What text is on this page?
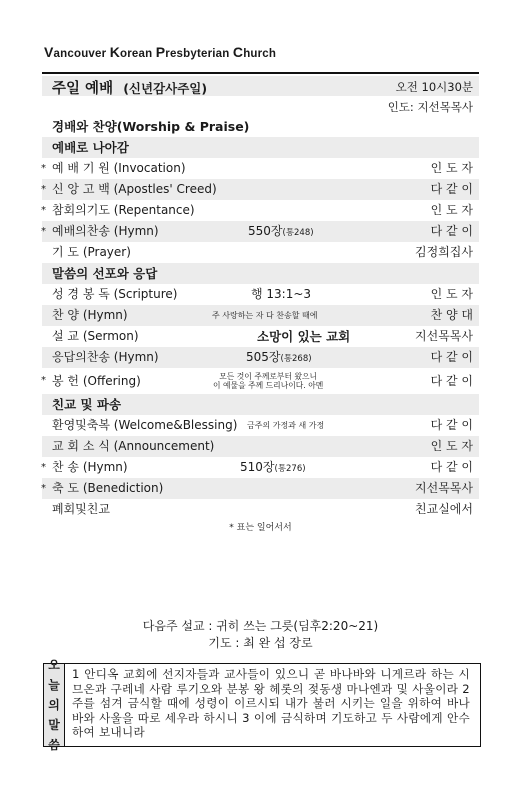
Vancouver Korean Presbyterian Church
주일 예배 (신년감사주일)	오전 10시30분
인도: 지선목목사
경배와 찬양(Worship & Praise)
예배로 나아감
* 예 배 기 원 (Invocation)	인 도 자
* 신 앙 고 백 (Apostles' Creed)	다 같 이
* 참회의기도 (Repentance)	인 도 자
* 예배의찬송 (Hymn)	550장(통248)	다 같 이
기 도 (Prayer)	김정희집사
말씀의 선포와 응답
성 경 봉 독 (Scripture)	행 13:1~3	인 도 자
찬 양 (Hymn)	주 사랑하는 자 다 찬송할 때에	찬 양 대
설 교 (Sermon)	소망이 있는 교회	지선목목사
응답의찬송 (Hymn)	505장(통268)	다 같 이
* 봉 헌 (Offering)	모든 것이 주께로부터 왔으니
이 예물을 주께 드리나이다. 아멘	다 같 이
친교 및 파송
환영및축복 (Welcome&Blessing) 금주의 가정과 새 가정	다 같 이
교 회 소 식 (Announcement)	인 도 자
* 찬 송 (Hymn)	510장(통276)	다 같 이
* 축 도 (Benediction)	지선목목사
폐회및친교	친교실에서
* 표는 일어서서
다음주 설교 : 귀히 쓰는 그릇(딤후2:20~21)
기도 : 최 완 섭 장로
오
늘
의
말
씀
1 안디옥 교회에 선지자들과 교사들이 있으니 곧 바나바와 니게르라 하는 시므온과 구레네 사람 루기오와 분봉 왕 헤롯의 젖동생 마나엔과 및 사울이라 2 주를 섬겨 금식할 때에 성령이 이르시되 내가 불러 시키는 일을 위하여 바나바와 사울을 따로 세우라 하시니 3 이에 금식하며 기도하고 두 사람에게 안수하여 보내니라
